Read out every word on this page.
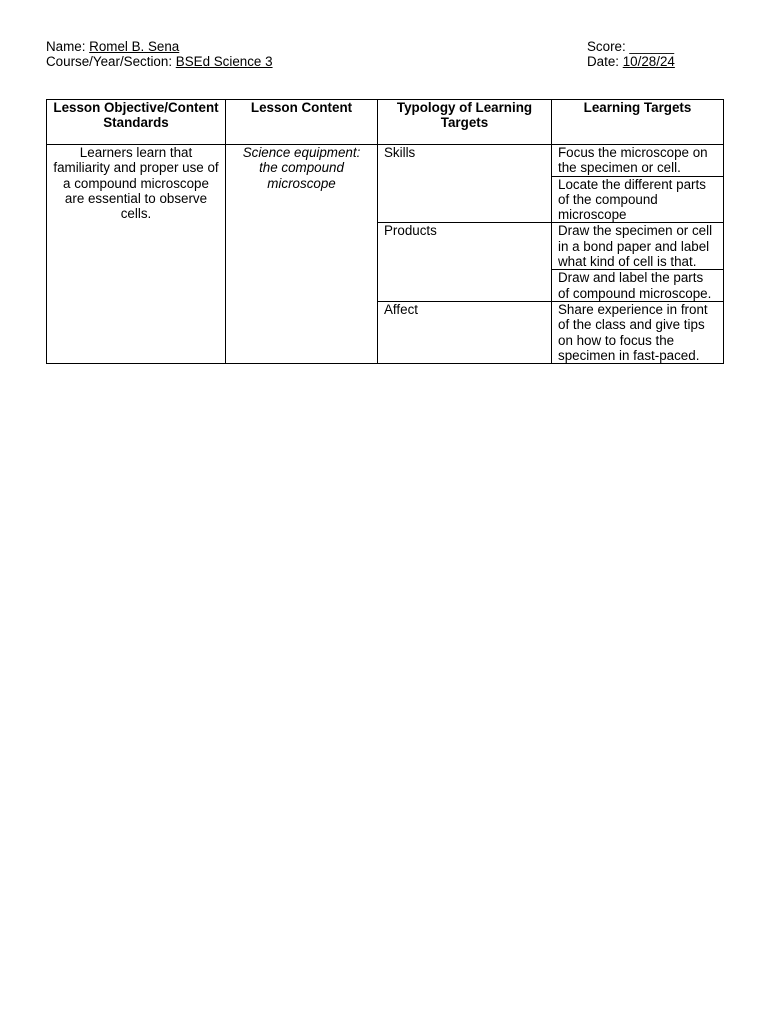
Name: Romel B. Sena
Course/Year/Section: BSEd Science 3
Score: ______
Date: 10/28/24
Lesson Objective/Content Standards	Lesson Content	Typology of Learning Targets	Learning Targets
Learners learn that familiarity and proper use of a compound microscope are essential to observe cells.	Science equipment: the compound microscope	Skills	Focus the microscope on the specimen or cell.
			Locate the different parts of the compound microscope
		Products	Draw the specimen or cell in a bond paper and label what kind of cell is that.
			Draw and label the parts of compound microscope.
		Affect	Share experience in front of the class and give tips on how to focus the specimen in fast-paced.
